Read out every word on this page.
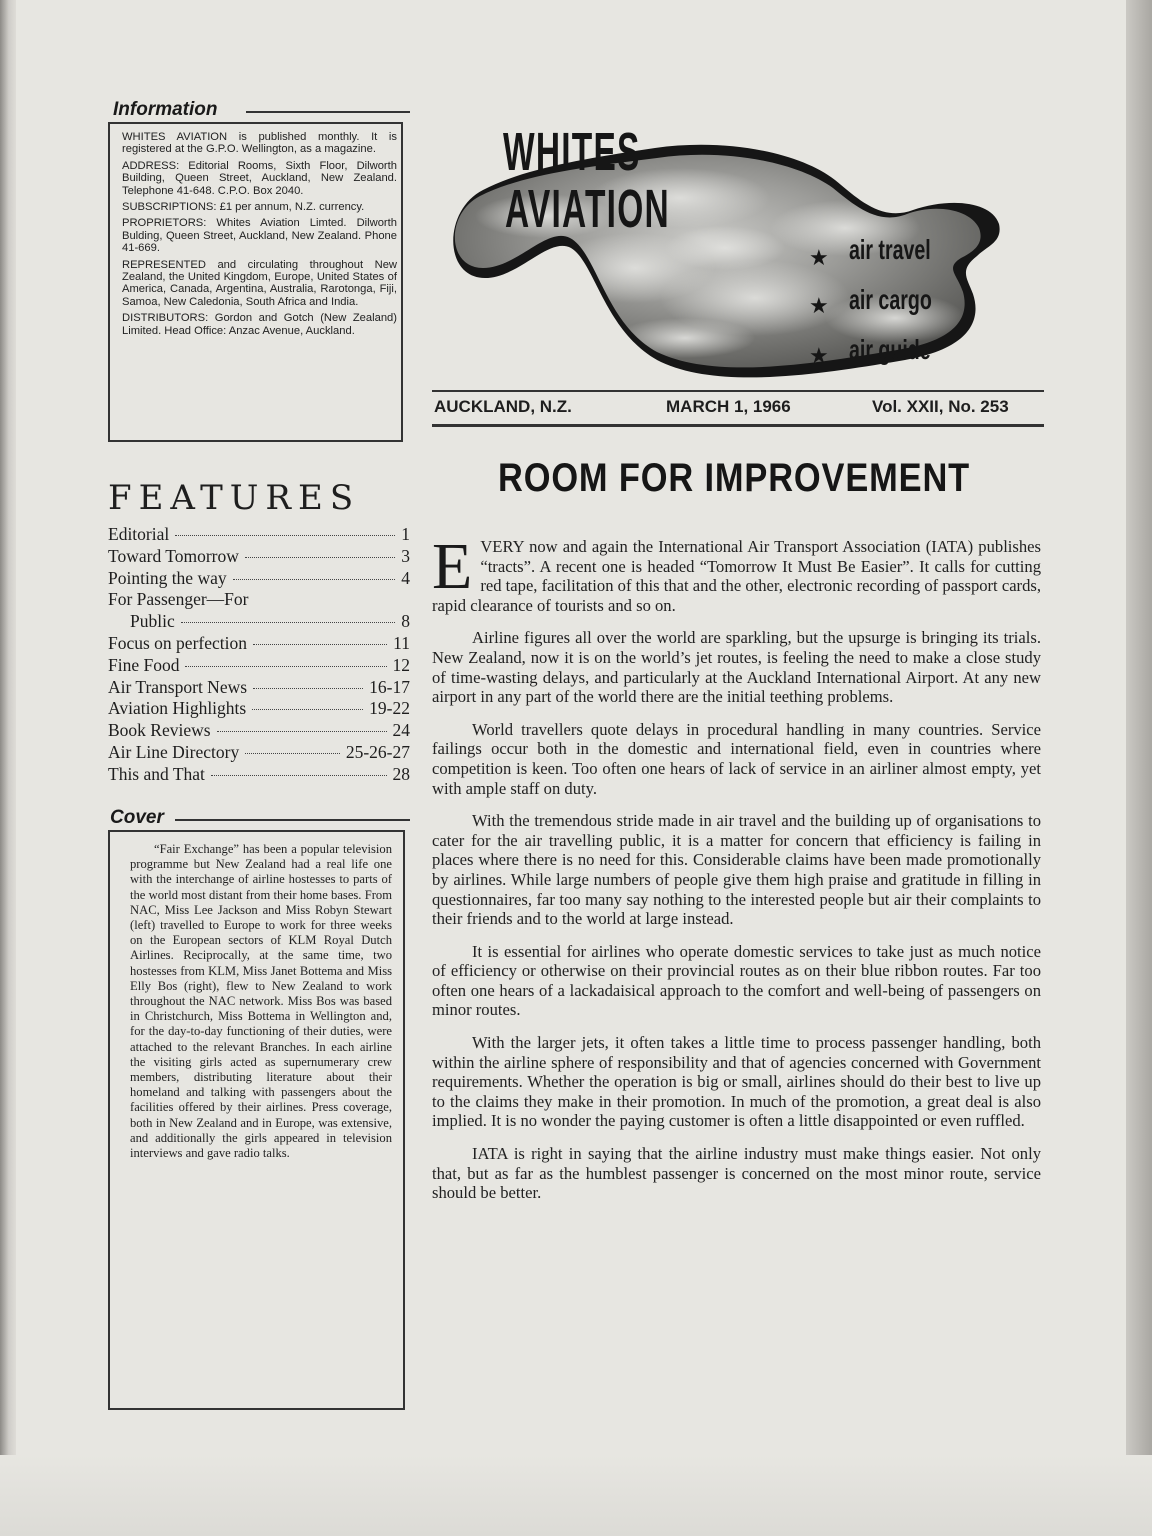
Information

WHITES AVIATION is published monthly. It is registered at the G.P.O. Wellington, as a magazine.

ADDRESS: Editorial Rooms, Sixth Floor, Dilworth Building, Queen Street, Auckland, New Zealand. Telephone 41-648. C.P.O. Box 2040.

SUBSCRIPTIONS: £1 per annum, N.Z. currency.

PROPRIETORS: Whites Aviation Limted. Dilworth Bulding, Queen Street, Auckland, New Zealand. Phone 41-669.

REPRESENTED and circulating throughout New Zealand, the United Kingdom, Europe, United States of America, Canada, Argentina, Australia, Rarotonga, Fiji, Samoa, New Caledonia, South Africa and India.

DISTRIBUTORS: Gordon and Gotch (New Zealand) Limited. Head Office: Anzac Avenue, Auckland.

FEATURES
Editorial	1
Toward Tomorrow	3
Pointing the way	4
For Passenger—For
Public	8
Focus on perfection	11
Fine Food	12
Air Transport News	16-17
Aviation Highlights	19-22
Book Reviews	24
Air Line Directory	25-26-27
This and That	28
Cover

“Fair Exchange” has been a popular television programme but New Zealand had a real life one with the interchange of airline hostesses to parts of the world most distant from their home bases. From NAC, Miss Lee Jackson and Miss Robyn Stewart (left) travelled to Europe to work for three weeks on the European sectors of KLM Royal Dutch Airlines. Reciprocally, at the same time, two hostesses from KLM, Miss Janet Bottema and Miss Elly Bos (right), flew to New Zealand to work throughout the NAC network. Miss Bos was based in Christchurch, Miss Bottema in Wellington and, for the day-to-day functioning of their duties, were attached to the relevant Branches. In each airline the visiting girls acted as supernumerary crew members, distributing literature about their homeland and talking with passengers about the facilities offered by their airlines. Press coverage, both in New Zealand and in Europe, was extensive, and additionally the girls appeared in television interviews and gave radio talks.

WHITES
AVIATION
★ air travel
★ air cargo
★ air guide
AUCKLAND, N.Z.	MARCH 1, 1966	Vol. XXII, No. 253
ROOM FOR IMPROVEMENT

EVERY now and again the International Air Transport Association (IATA) publishes “tracts”. A recent one is headed “Tomorrow It Must Be Easier”. It calls for cutting red tape, facilitation of this that and the other, electronic recording of passport cards, rapid clearance of tourists and so on.

Airline figures all over the world are sparkling, but the upsurge is bringing its trials. New Zealand, now it is on the world’s jet routes, is feeling the need to make a close study of time-wasting delays, and particularly at the Auckland International Airport. At any new airport in any part of the world there are the initial teething problems.

World travellers quote delays in procedural handling in many countries. Service failings occur both in the domestic and international field, even in countries where competition is keen. Too often one hears of lack of service in an airliner almost empty, yet with ample staff on duty.

With the tremendous stride made in air travel and the building up of organisations to cater for the air travelling public, it is a matter for concern that efficiency is failing in places where there is no need for this. Considerable claims have been made promotionally by airlines. While large numbers of people give them high praise and gratitude in filling in questionnaires, far too many say nothing to the interested people but air their complaints to their friends and to the world at large instead.

It is essential for airlines who operate domestic services to take just as much notice of efficiency or otherwise on their provincial routes as on their blue ribbon routes. Far too often one hears of a lackadaisical approach to the comfort and well-being of passengers on minor routes.

With the larger jets, it often takes a little time to process passenger handling, both within the airline sphere of responsibility and that of agencies concerned with Government requirements. Whether the operation is big or small, airlines should do their best to live up to the claims they make in their promotion. In much of the promotion, a great deal is also implied. It is no wonder the paying customer is often a little disappointed or even ruffled.

IATA is right in saying that the airline industry must make things easier. Not only that, but as far as the humblest passenger is concerned on the most minor route, service should be better.
